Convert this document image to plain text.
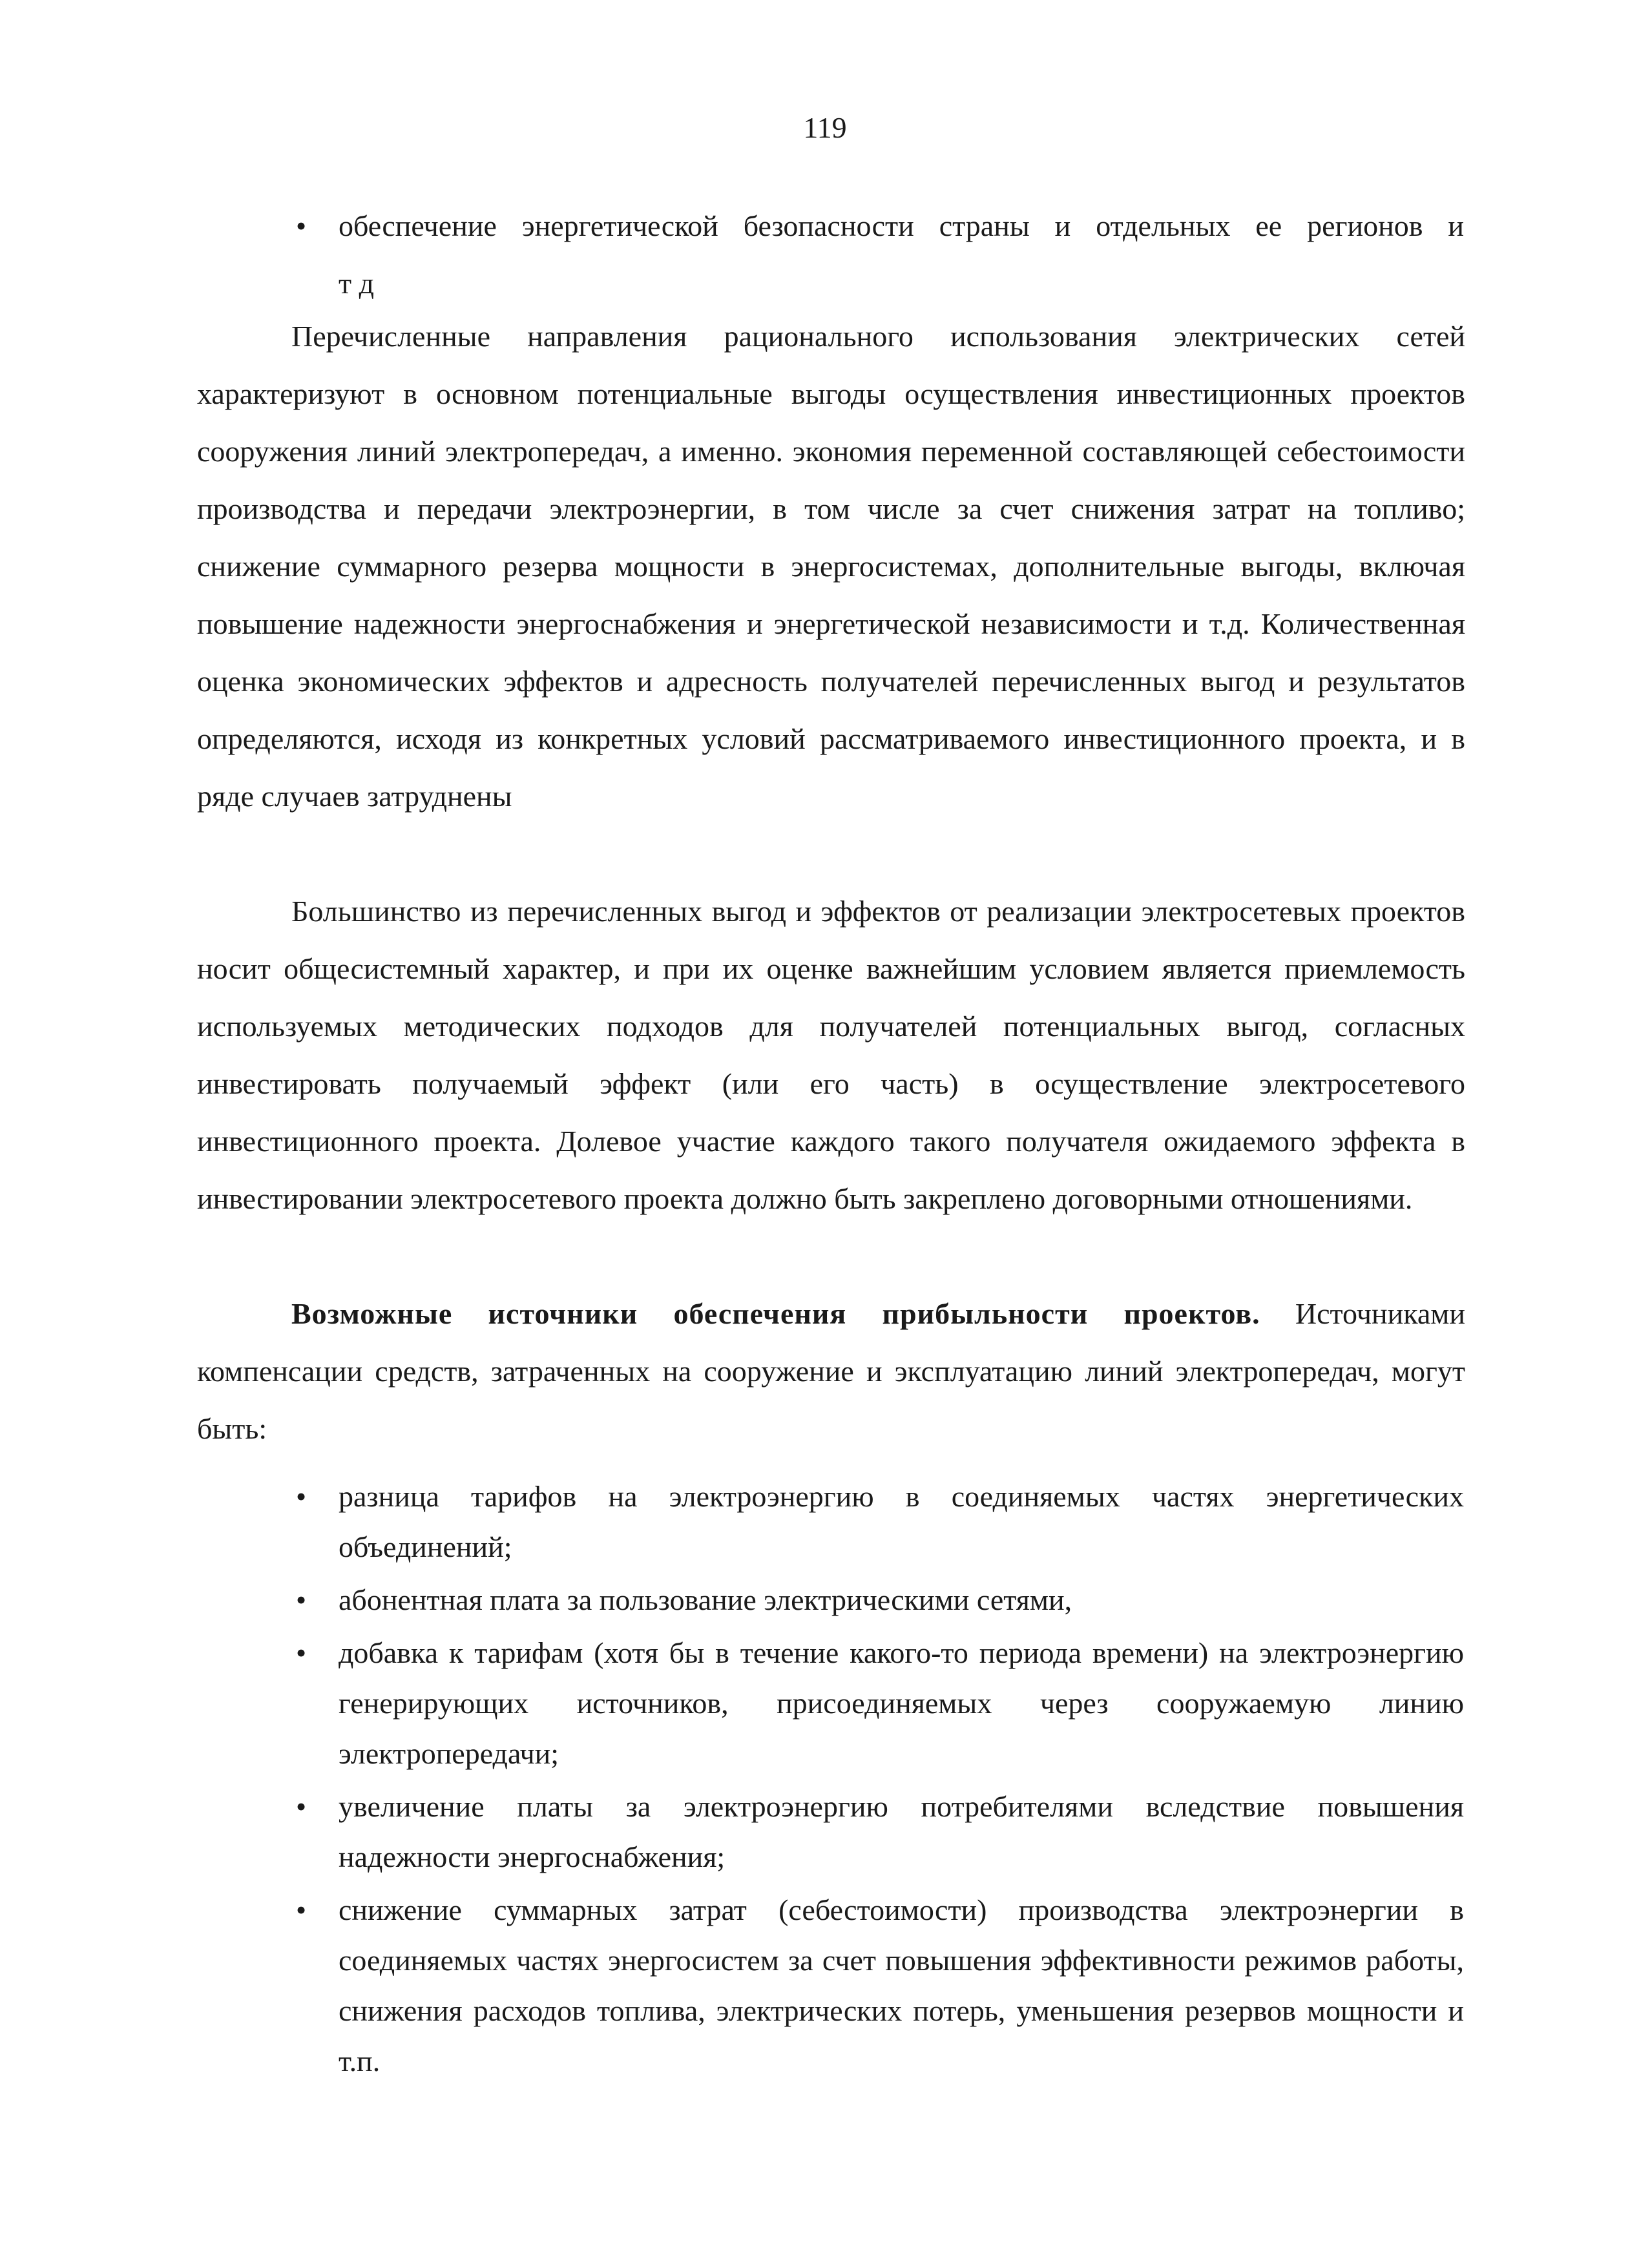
119
• обеспечение энергетической безопасности страны и отдельных ее регионов и
т д

Перечисленные направления рационального использования электрических сетей характеризуют в основном потенциальные выгоды осуществления инвестиционных проектов сооружения линий электропередач, а именно. экономия переменной составляющей себестоимости производства и передачи электроэнергии, в том числе за счет снижения затрат на топливо; снижение суммарного резерва мощности в энергосистемах, дополнительные выгоды, включая повышение надежности энергоснабжения и энергетической независимости и т.д. Количественная оценка экономических эффектов и адресность получателей перечисленных выгод и результатов определяются, исходя из конкретных условий рассматриваемого инвестиционного проекта, и в ряде случаев затруднены

Большинство из перечисленных выгод и эффектов от реализации электросетевых проектов носит общесистемный характер, и при их оценке важнейшим условием является приемлемость используемых методических подходов для получателей потенциальных выгод, согласных инвестировать получаемый эффект (или его часть) в осуществление электросетевого инвестиционного проекта. Долевое участие каждого такого получателя ожидаемого эффекта в инвестировании электросетевого проекта должно быть закреплено договорными отношениями.

Возможные источники обеспечения прибыльности проектов. Источниками компенсации средств, затраченных на сооружение и эксплуатацию линий электропередач, могут быть:

• разница тарифов на электроэнергию в соединяемых частях энергетических объединений;
• абонентная плата за пользование электрическими сетями,
• добавка к тарифам (хотя бы в течение какого-то периода времени) на электроэнергию генерирующих источников, присоединяемых через сооружаемую линию электропередачи;
• увеличение платы за электроэнергию потребителями вследствие повышения надежности энергоснабжения;
• снижение суммарных затрат (себестоимости) производства электроэнергии в соединяемых частях энергосистем за счет повышения эффективности режимов работы, снижения расходов топлива, электрических потерь, уменьшения резервов мощности и т.п.
